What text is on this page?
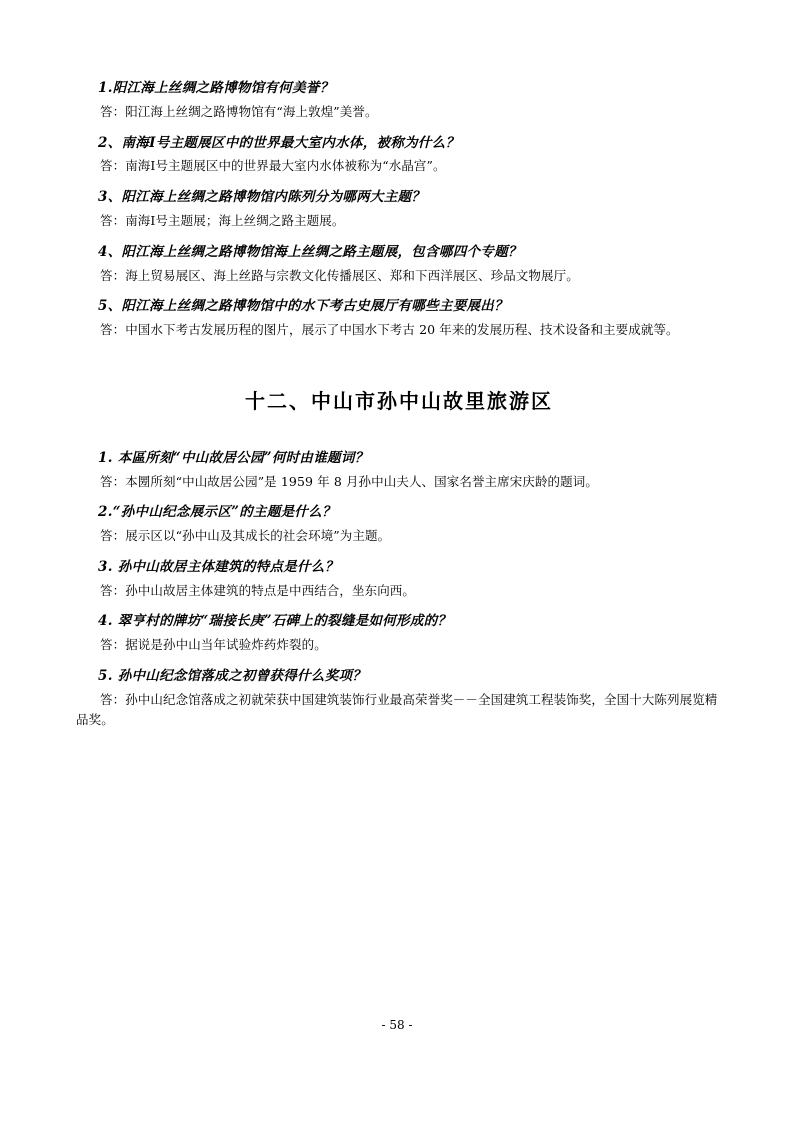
1.阳江海上丝绸之路博物馆有何美誉？

答：阳江海上丝绸之路博物馆有“海上敦煌”美誉。

2、南海Ⅰ号主题展区中的世界最大室内水体，被称为什么？

答：南海Ⅰ号主题展区中的世界最大室内水体被称为“水晶宫”。

3、阳江海上丝绸之路博物馆内陈列分为哪两大主题？

答：南海Ⅰ号主题展；海上丝绸之路主题展。

4、阳江海上丝绸之路博物馆海上丝绸之路主题展，包含哪四个专题？

答：海上贸易展区、海上丝路与宗教文化传播展区、郑和下西洋展区、珍品文物展厅。

5、阳江海上丝绸之路博物馆中的水下考古史展厅有哪些主要展出？

答：中国水下考古发展历程的图片，展示了中国水下考古 20 年来的发展历程、技术设备和主要成就等。

十二、中山市孙中山故里旅游区

1. 本區所刻“中山故居公园”何时由谁题词？

答：本圐所刻“中山故居公园”是 1959 年 8 月孙中山夫人、国家名誉主席宋庆龄的题词。

2.“孙中山纪念展示区”的主题是什么？

答：展示区以“孙中山及其成长的社会环境”为主题。

3. 孙中山故居主体建筑的特点是什么？

答：孙中山故居主体建筑的特点是中西结合，坐东向西。

4. 翠亨村的牌坊“瑞接长庚”石碑上的裂缝是如何形成的？

答：据说是孙中山当年试验炸药炸裂的。

5. 孙中山纪念馆落成之初曾获得什么奖项？

答：孙中山纪念馆落成之初就荣获中国建筑装饰行业最高荣誉奖－－全国建筑工程装饰奖，全国十大陈列展览精品奖。

- 58 -
